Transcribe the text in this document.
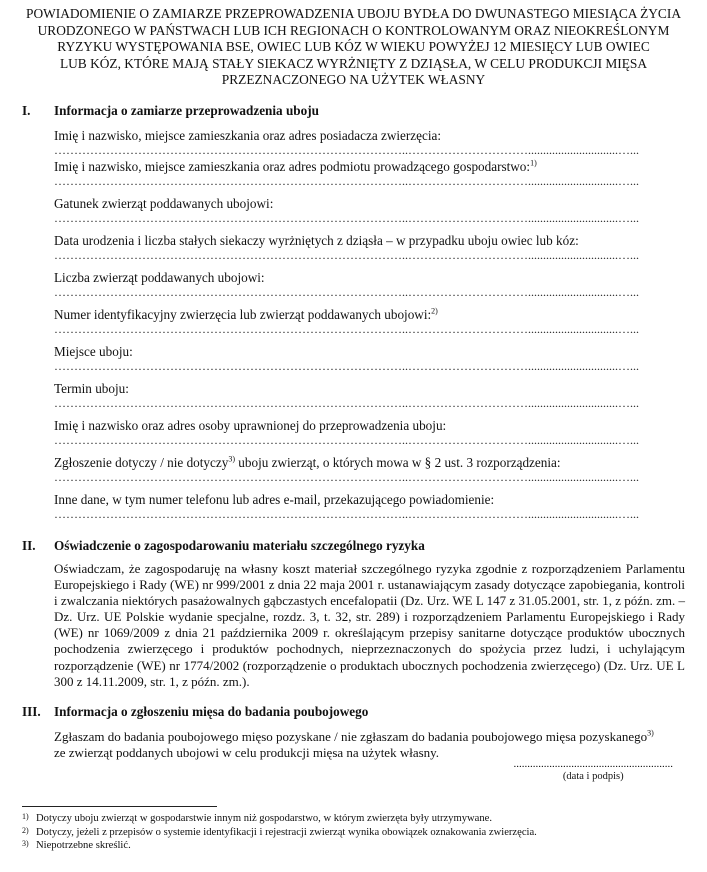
POWIADOMIENIE O ZAMIARZE PRZEPROWADZENIA UBOJU BYDŁA DO DWUNASTEGO MIESIĄCA ŻYCIA
URODZONEGO W PAŃSTWACH LUB ICH REGIONACH O KONTROLOWANYM ORAZ NIEOKREŚLONYM
RYZYKU WYSTĘPOWANIA BSE, OWIEC LUB KÓZ W WIEKU POWYŻEJ 12 MIESIĘCY LUB OWIEC
LUB KÓZ, KTÓRE MAJĄ STAŁY SIEKACZ WYRŻNIĘTY Z DZIĄSŁA, W CELU PRODUKCJI MIĘSA
PRZEZNACZONEGO NA UŻYTEK WŁASNY
I.	Informacja o zamiarze przeprowadzenia uboju
Imię i nazwisko, miejsce zamieszkania oraz adres posiadacza zwierzęcia:
……………………………………………………………………………..…………………………..............................…...
Imię i nazwisko, miejsce zamieszkania oraz adres podmiotu prowadzącego gospodarstwo:$^{1)}$
……………………………………………………………………………..…………………………..............................…...
Gatunek zwierząt poddawanych ubojowi:
……………………………………………………………………………..…………………………..............................…...
Data urodzenia i liczba stałych siekaczy wyrżniętych z dziąsła – w przypadku uboju owiec lub kóz:
……………………………………………………………………………..…………………………..............................…...
Liczba zwierząt poddawanych ubojowi:
……………………………………………………………………………..…………………………..............................…...
Numer identyfikacyjny zwierzęcia lub zwierząt poddawanych ubojowi:$^{2)}$
……………………………………………………………………………..…………………………..............................…...
Miejsce uboju:
……………………………………………………………………………..…………………………..............................…...
Termin uboju:
……………………………………………………………………………..…………………………..............................…...
Imię i nazwisko oraz adres osoby uprawnionej do przeprowadzenia uboju:
……………………………………………………………………………..…………………………..............................…...
Zgłoszenie dotyczy / nie dotyczy$^{3)}$ uboju zwierząt, o których mowa w § 2 ust. 3 rozporządzenia:
……………………………………………………………………………..…………………………..............................…...
Inne dane, w tym numer telefonu lub adres e-mail, przekazującego powiadomienie:
……………………………………………………………………………..…………………………..............................…...
II.	Oświadczenie o zagospodarowaniu materiału szczególnego ryzyka
Oświadczam, że zagospodaruję na własny koszt materiał szczególnego ryzyka zgodnie z rozporządzeniem Parlamentu Europejskiego i Rady (WE) nr 999/2001 z dnia 22 maja 2001 r. ustanawiającym zasady dotyczące zapobiegania, kontroli i zwalczania niektórych pasażowalnych gąbczastych encefalopatii (Dz. Urz. WE L 147 z 31.05.2001, str. 1, z późn. zm. – Dz. Urz. UE Polskie wydanie specjalne, rozdz. 3, t. 32, str. 289) i rozporządzeniem Parlamentu Europejskiego i Rady (WE) nr 1069/2009 z dnia 21 października 2009 r. określającym przepisy sanitarne dotyczące produktów ubocznych pochodzenia zwierzęcego i produktów pochodnych, nieprzeznaczonych do spożycia przez ludzi, i uchylającym rozporządzenie (WE) nr 1774/2002 (rozporządzenie o produktach ubocznych pochodzenia zwierzęcego) (Dz. Urz. UE L 300 z 14.11.2009, str. 1, z późn. zm.).
III.	Informacja o zgłoszeniu mięsa do badania poubojowego
Zgłaszam do badania poubojowego mięso pozyskane / nie zgłaszam do badania poubojowego mięsa pozyskanego$^{3)}$
ze zwierząt poddanych ubojowi w celu produkcji mięsa na użytek własny.
..........................................................
(data i podpis)
1) Dotyczy uboju zwierząt w gospodarstwie innym niż gospodarstwo, w którym zwierzęta były utrzymywane.
2) Dotyczy, jeżeli z przepisów o systemie identyfikacji i rejestracji zwierząt wynika obowiązek oznakowania zwierzęcia.
3) Niepotrzebne skreślić.
